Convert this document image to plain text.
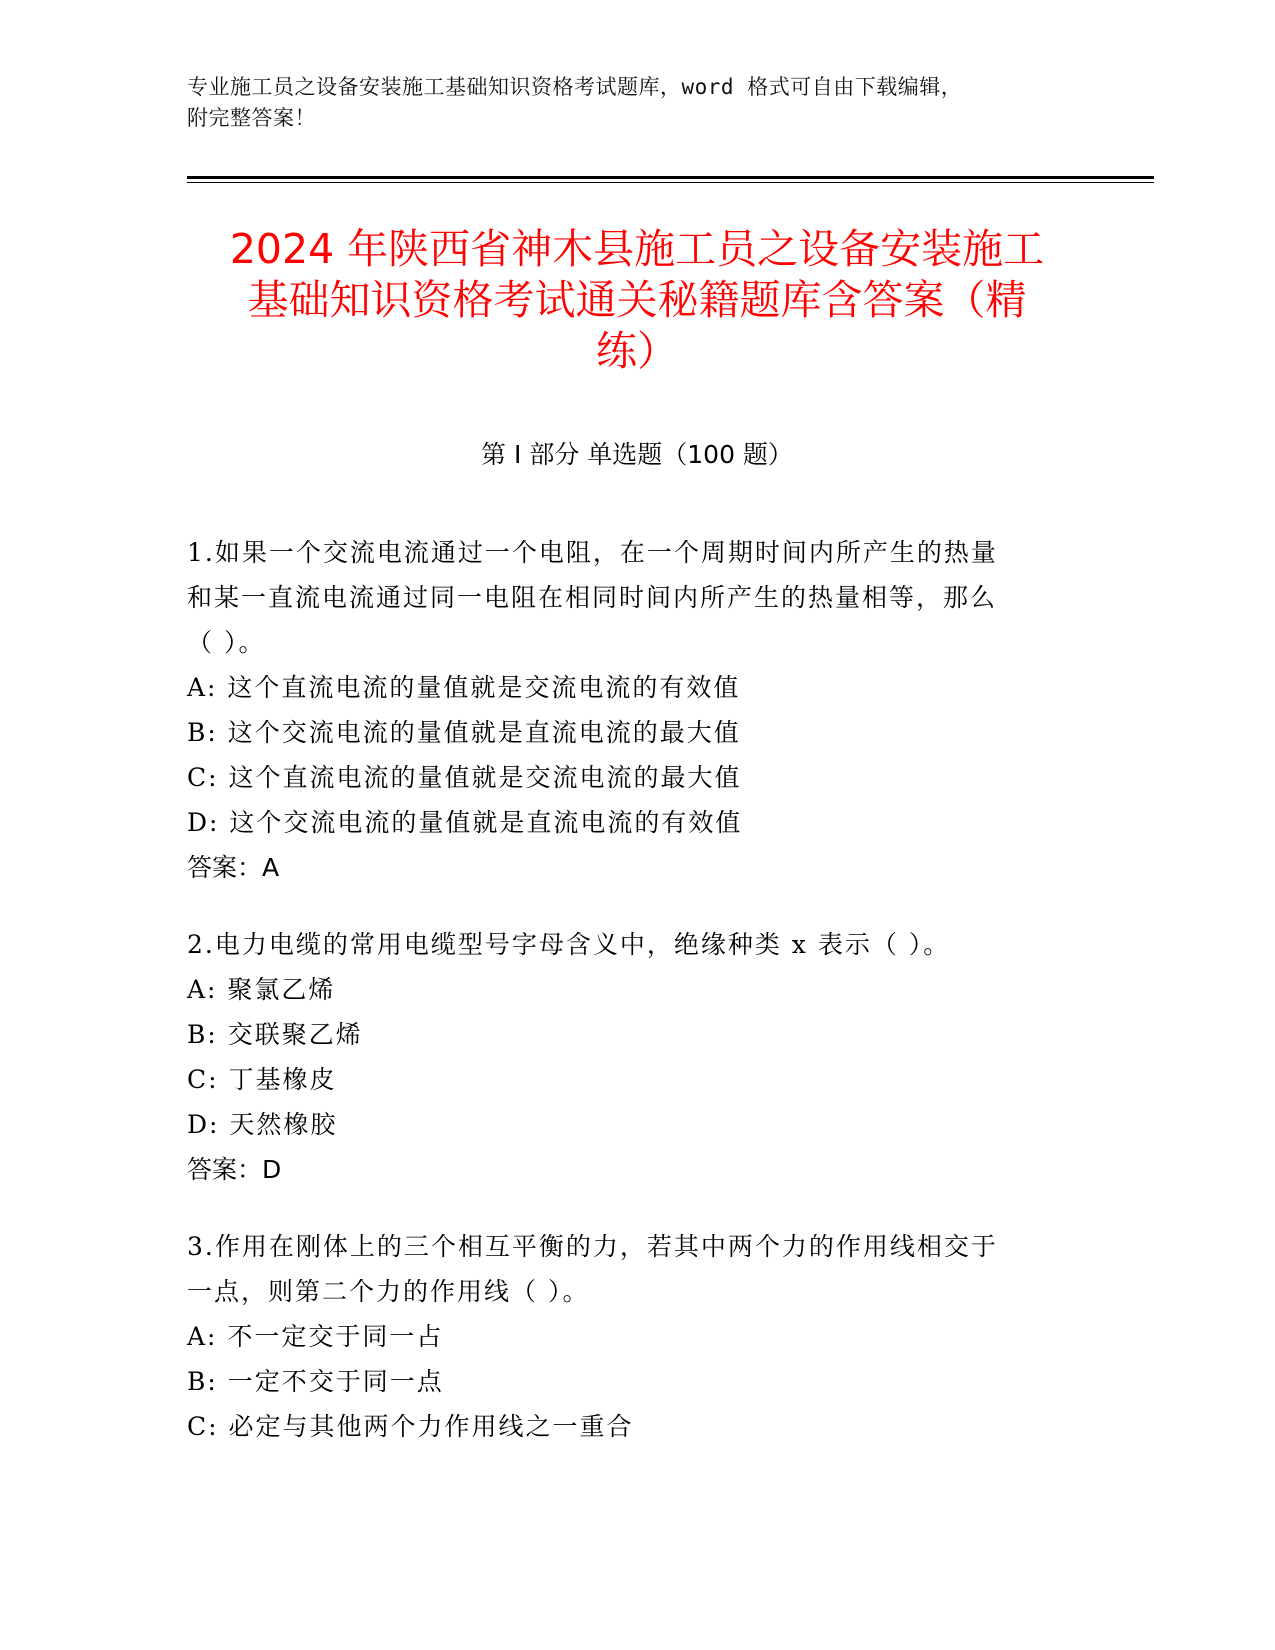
专业施工员之设备安装施工基础知识资格考试题库，word 格式可自由下载编辑，
附完整答案！
2024 年陕西省神木县施工员之设备安装施工
基础知识资格考试通关秘籍题库含答案（精
练）
第 I 部分 单选题（100 题）

1.如果一个交流电流通过一个电阻，在一个周期时间内所产生的热量

和某一直流电流通过同一电阻在相同时间内所产生的热量相等，那么

（ ）。

A: 这个直流电流的量值就是交流电流的有效值

B: 这个交流电流的量值就是直流电流的最大值

C: 这个直流电流的量值就是交流电流的最大值

D: 这个交流电流的量值就是直流电流的有效值

答案：A

2.电力电缆的常用电缆型号字母含义中，绝缘种类 x 表示（ ）。

A: 聚氯乙烯

B: 交联聚乙烯

C: 丁基橡皮

D: 天然橡胶

答案：D

3.作用在刚体上的三个相互平衡的力，若其中两个力的作用线相交于

一点，则第二个力的作用线（ ）。

A: 不一定交于同一占

B: 一定不交于同一点

C: 必定与其他两个力作用线之一重合
